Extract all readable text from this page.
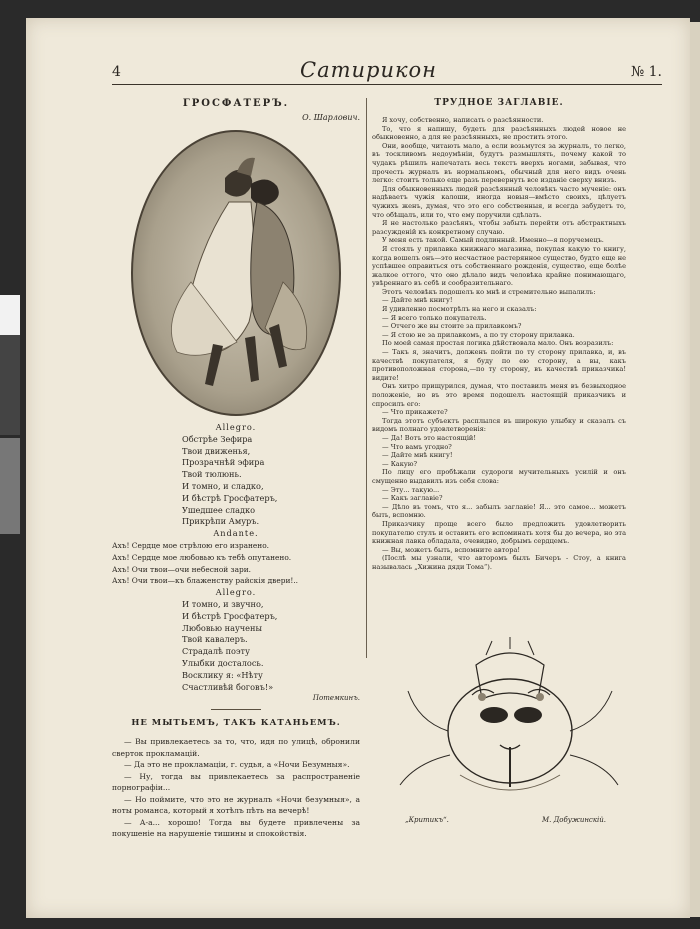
4	Сатирикон	№ 1.

ГРОСФАТЕРЪ.

О. Шарлович.

Allegro.

Обстрѣе Зефира

Твои движенья,

Прозрачнѣй эфира

Твой тюлюнь.

И томно, и сладко,

И бѣстрѣ Гросфатеръ,

Ушедшее сладко

Прикрѣпи Амуръ.

Andante.

Ахъ! Сердце мое стрѣлою его изранено.

Ахъ! Сердце мое любовью къ тебѣ опутанено.

Ахъ! Очи твои—очи небесной зари.

Ахъ! Очи твои—къ блаженству райскія двери!..

Allegro.

И томно, и звучно,

И бѣстрѣ Гросфатеръ,

Любовью научены

Твой кавалеръ.

Страдалѣ поэту

Улыбки досталось.

Восклику я: «Нѣту

Счастливѣй боговъ!»

Потемкинъ.

НЕ МЫТЬЕМЪ, ТАКЪ КАТАНЬЕМЪ.

— Вы привлекаетесь за то, что, идя по улицѣ, обронили сверток прокламацій.

— Да это не прокламаціи, г. судья, а «Ночи Безумныя».

— Ну, тогда вы привлекаетесь за распространеніе порнографіи...

— Но поймите, что это не журналъ «Ночи безумныя», а ноты романса, который я хотѣлъ пѣть на вечерѣ!

— А-а... хорошо! Тогда вы будете привлечены за покушеніе на нарушеніе тишины и спокойствія.

ТРУДНОЕ ЗАГЛАВІЕ.

Я хочу, собственно, написать о разсѣянности.

То, что я напишу, будеть для разсѣянныхъ людей новое не обыкновенно, а для не разсѣянныхъ, не простить этого.

Они, вообще, читають мало, а если возьмутся за журналъ, то легко, въ тоскливомъ недоумѣніи, будутъ размышлять, почему какой то чудакъ рѣшилъ напечатать весь текстъ вверхъ ногами, забывая, что прочесть журналъ въ нормальномъ, обычный для него видъ очень легко: стоитъ только еще разъ перевернуть все изданіе сверху внизъ.

Для обыкновенныхъ людей разсѣянный человѣкъ часто мученіе: онъ надѣваетъ чужія калоши, иногда новыя—вмѣсто своихъ, цѣлуетъ чужихъ женъ, думая, что это его собственныя, и всегда забудетъ то, что обѣщалъ, или то, что ему поручили сдѣлать.

Я не настолько разсѣянъ, чтобы забыть перейти отъ абстрактныхъ разсужденій къ конкретному случаю.

У меня есть такой. Самый подлинный. Именно—я поручемецъ.

Я стоялъ у прилавка книжнаго магазина, покупая какую то книгу, когда вошелъ онъ—это несчастное растерянное существо, будто еще не успѣвшее оправиться отъ собственнаго рожденія, существо, еще болѣе жалкое оттого, что оно дѣлало видъ человѣка крайне понимающаго, увѣреннаго въ себѣ и сообразительнаго.

Этотъ человѣкъ подошелъ ко мнѣ и стремительно выпалилъ:

— Дайте мнѣ книгу!

Я удивленно посмотрѣлъ на него и сказалъ:

— Я всего только покупатель.

— Отчего же вы стоите за прилавкомъ?

— Я стою не за прилавкомъ, а по ту сторону прилавка.

По моей самая простая логика дѣйствовала мало. Онъ возразилъ:

— Такъ я, значитъ, долженъ пойти по ту сторону прилавка, и, въ качествѣ покупателя, я буду по ею сторону, а вы, какъ противоположная сторона,—по ту сторону, въ качествѣ приказчика! видите!

Онъ хитро прищурился, думая, что поставилъ меня въ безвыходное положеніе, но въ это время подошелъ настоящій приказчикъ и спросилъ его:

— Что прикажете?

Тогда этотъ субъектъ расплылся въ широкую улыбку и сказалъ съ видомъ полнаго удовлетворенія:

— Да! Вотъ это настоящій!

— Что вамъ угодно?

— Дайте мнѣ книгу!

— Какую?

По лицу его пробѣжали судороги мучительныхъ усилій и онъ смущенно выдавилъ изъ себя слова:

— Эту... такую...

— Какъ заглавіе?

— Дѣло въ томъ, что я... забылъ заглавіе! Я... это самое... можетъ быть, вспомню.

Приказчику проще всего было предложить удовлетворить покупателю стулъ и оставить его вспоминать хотя бы до вечера, но эта книжная лавка обладала, очевидно, добрымъ сердцемъ.

— Вы, можетъ быть, вспомните автора!

(Послѣ мы узнали, что авторомъ былъ Бичеръ - Стоу, а книга называлась „Хижина дяди Тома“).

„Критикъ“.	М. Добужинскій.
